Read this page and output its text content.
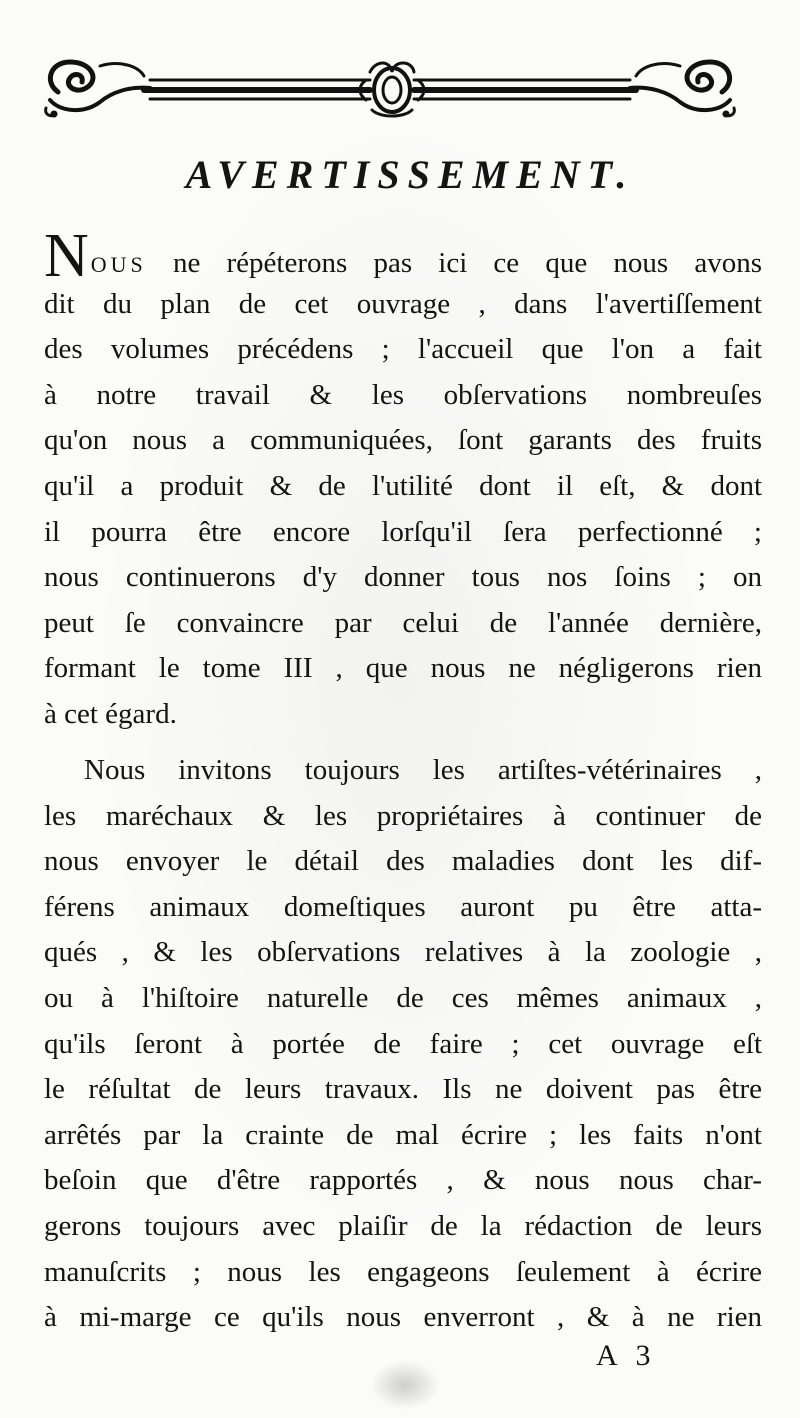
AVERTISSEMENT.
NOUS ne répéterons pas ici ce que nous avons
dit du plan de cet ouvrage , dans l'avertiſſement
des volumes précédens ; l'accueil que l'on a fait
à notre travail & les obſervations nombreuſes
qu'on nous a communiquées, ſont garants des fruits
qu'il a produit & de l'utilité dont il eſt, & dont
il pourra être encore lorſqu'il ſera perfectionné ;
nous continuerons d'y donner tous nos ſoins ; on
peut ſe convaincre par celui de l'année dernière,
formant le tome III , que nous ne négligerons rien
à cet égard.
Nous invitons toujours les artiſtes-vétérinaires ,
les maréchaux & les propriétaires à continuer de
nous envoyer le détail des maladies dont les dif-
férens animaux domeſtiques auront pu être atta-
qués , & les obſervations relatives à la zoologie ,
ou à l'hiſtoire naturelle de ces mêmes animaux ,
qu'ils ſeront à portée de faire ; cet ouvrage eſt
le réſultat de leurs travaux. Ils ne doivent pas être
arrêtés par la crainte de mal écrire ; les faits n'ont
beſoin que d'être rapportés , & nous nous char-
gerons toujours avec plaiſir de la rédaction de leurs
manuſcrits ; nous les engageons ſeulement à écrire
à mi-marge ce qu'ils nous enverront , & à ne rien
A 3
